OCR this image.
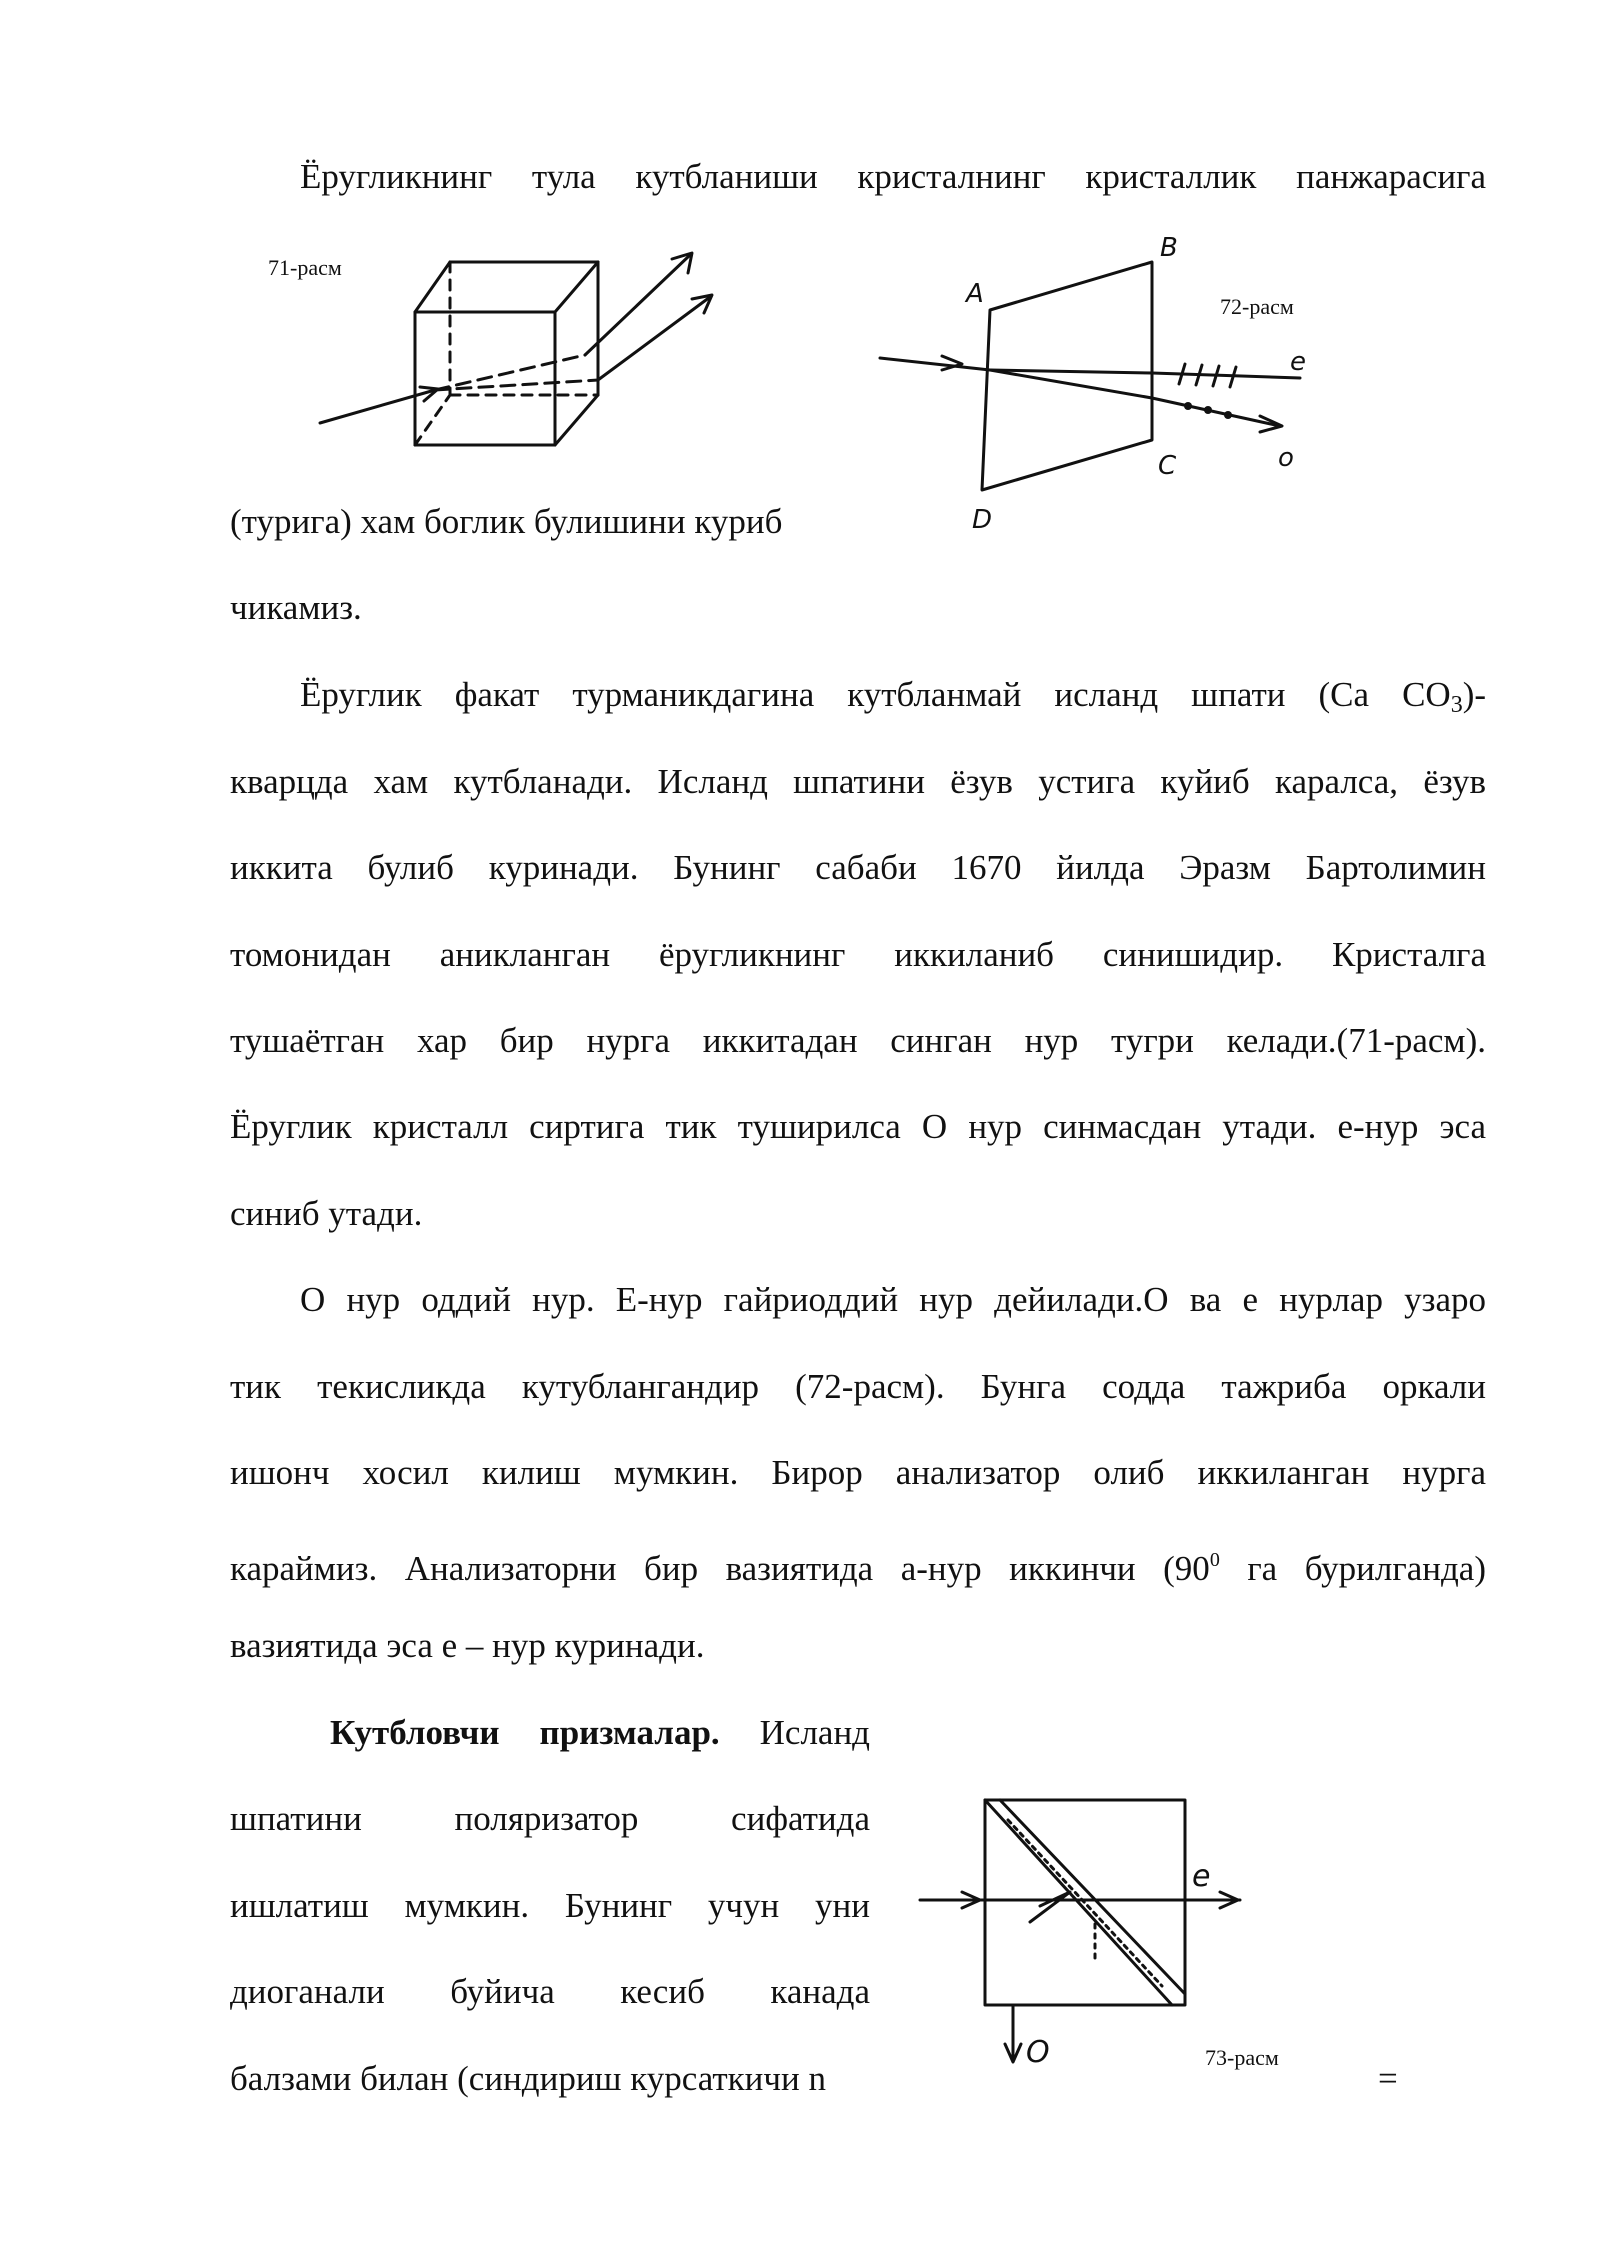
Ёругликнинг тула кутбланиши кристалнинг кристаллик панжарасига
(турига) хам боглик булишини куриб
чикамиз.
71-расм
72-расм
A
B
C
D
e
o
Ёруглик факат турманикдагина кутбланмай исланд шпати (Са $СО_3)-$
кварцда хам кутбланади. Исланд шпатини ёзув устига куйиб каралса, ёзув
иккита булиб куринади. Бунинг сабаби 1670 йилда Эразм Бартолимин
томонидан аникланган ёругликнинг иккиланиб синишидир. Кристалга
тушаётган хар бир нурга иккитадан синган нур тугри келади.(71-расм).
Ёруглик кристалл сиртига тик туширилса О нур синмасдан утади. е-нур эса
синиб утади.
О нур оддий нур. Е-нур гайриоддий нур дейилади.О ва е нурлар узаро
тик текисликда кутублангандир (72-расм). Бунга содда тажриба оркали
ишонч хосил килиш мумкин. Бирор анализатор олиб иккиланган нурга
караймиз. Анализаторни бир вазиятида а-нур иккинчи ($90^0$ га бурилганда)
вазиятида эса е – нур куринади.
Кутбловчи призмалар. Исланд
шпатини поляризатор сифатида
ишлатиш мумкин. Бунинг учун уни
диоганали буйича кесиб канада
балзами билан (синдириш курсаткичи n	=
73-расм
e
O
